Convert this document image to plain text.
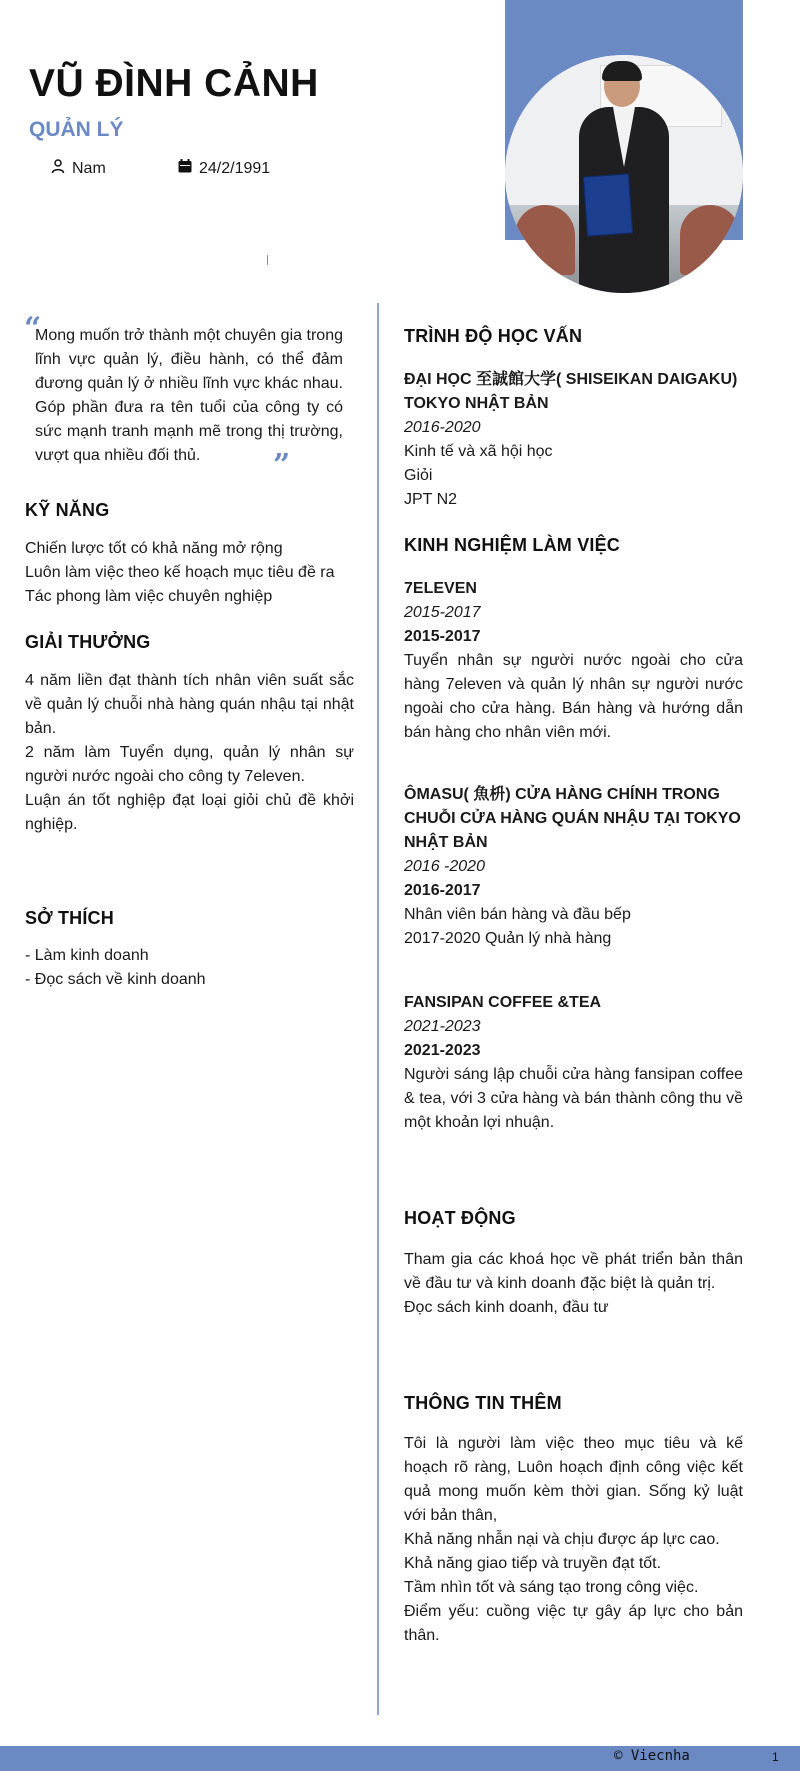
VŨ ĐÌNH CẢNH
QUẢN LÝ
Nam	24/2/1991
“
Mong muốn trở thành một chuyên gia trong lĩnh vực quản lý, điều hành, có thể đảm đương quản lý ở nhiều lĩnh vực khác nhau. Góp phần đưa ra tên tuổi của công ty có sức mạnh tranh mạnh mẽ trong thị trường, vượt qua nhiều đối thủ.	”
KỸ NĂNG

Chiến lược tốt có khả năng mở rộng

Luôn làm việc theo kế hoạch mục tiêu đề ra

Tác phong làm việc chuyên nghiệp

GIẢI THƯỞNG

4 năm liền đạt thành tích nhân viên suất sắc về quản lý chuỗi nhà hàng quán nhậu tại nhật bản.

2 năm làm Tuyển dụng, quản lý nhân sự người nước ngoài cho công ty 7eleven.

Luận án tốt nghiệp đạt loại giỏi chủ đề khởi nghiệp.

SỞ THÍCH

- Làm kinh doanh

- Đọc sách về kinh doanh

TRÌNH ĐỘ HỌC VẤN
ĐẠI HỌC 至誠館大学( SHISEIKAN DAIGAKU) TOKYO NHẬT BẢN
2016-2020

Kinh tế và xã hội học

Giỏi

JPT N2

KINH NGHIỆM LÀM VIỆC
7ELEVEN
2015-2017
2015-2017

Tuyển nhân sự người nước ngoài cho cửa hàng 7eleven và quản lý nhân sự người nước ngoài cho cửa hàng. Bán hàng và hướng dẫn bán hàng cho nhân viên mới.

ÔMASU( 魚枡) CỬA HÀNG CHÍNH TRONG CHUỖI CỬA HÀNG QUÁN NHẬU TẠI TOKYO NHẬT BẢN
2016 -2020
2016-2017

Nhân viên bán hàng và đầu bếp

2017-2020 Quản lý nhà hàng

FANSIPAN COFFEE &TEA
2021-2023
2021-2023

Người sáng lập chuỗi cửa hàng fansipan coffee & tea, với 3 cửa hàng và bán thành công thu về một khoản lợi nhuận.

HOẠT ĐỘNG

Tham gia các khoá học về phát triển bản thân về đầu tư và kinh doanh đặc biệt là quản trị.

Đọc sách kinh doanh, đầu tư

THÔNG TIN THÊM

Tôi là người làm việc theo mục tiêu và kế hoạch rõ ràng, Luôn hoạch định công việc kết quả mong muốn kèm thời gian. Sống kỷ luật với bản thân,

Khả năng nhẫn nại và chịu được áp lực cao.

Khả năng giao tiếp và truyền đạt tốt.

Tầm nhìn tốt và sáng tạo trong công việc.

Điểm yếu: cuồng việc tự gây áp lực cho bản thân.

© Viecnha	1
